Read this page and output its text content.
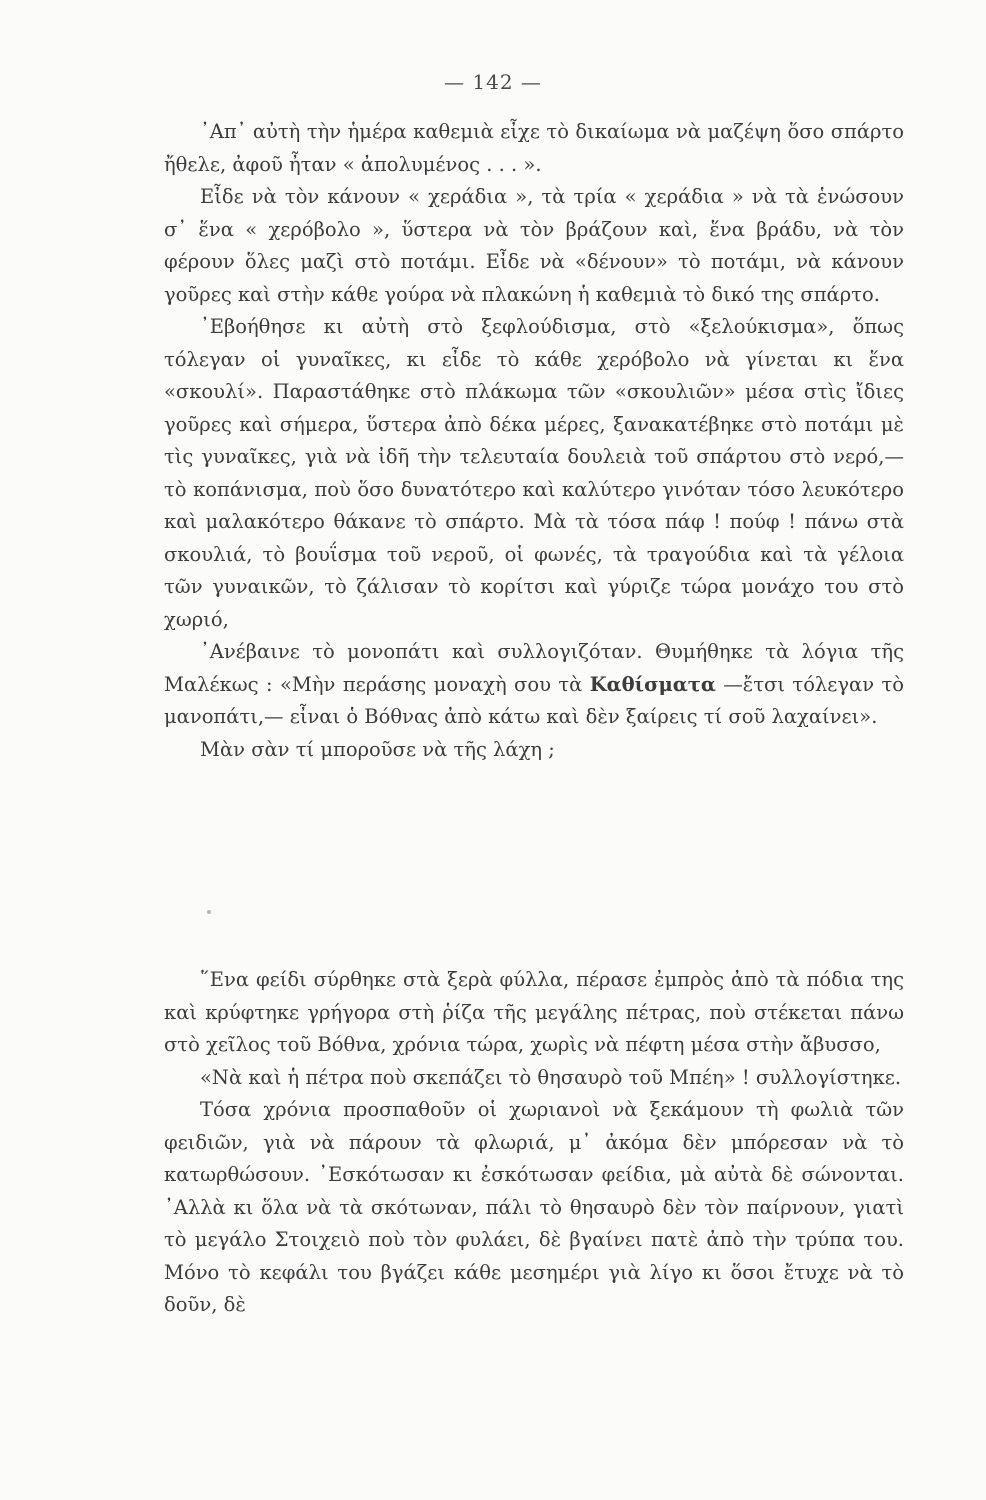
— 142 —

᾽Απ᾽ αὐτὴ τὴν ἡμέρα καθεμιὰ εἶχε τὸ δικαίωμα νὰ μαζέψη ὅσο σπάρτο ἤθελε, ἀφοῦ ἦταν « ἀπολυμένος . . . ».

Εἶδε νὰ τὸν κάνουν « χεράδια », τὰ τρία « χεράδια » νὰ τὰ ἑνώσουν σ᾽ ἕνα « χερόβολο », ὕστερα νὰ τὸν βράζουν καὶ, ἕνα βράδυ, νὰ τὸν φέρουν ὅλες μαζὶ στὸ ποτάμι. Εἶδε νὰ «δένουν» τὸ ποτάμι, νὰ κάνουν γοῦρες καὶ στὴν κάθε γούρα νὰ πλακώνη ἡ καθεμιὰ τὸ δικό της σπάρτο.

᾽Εβοήθησε κι αὐτὴ στὸ ξεφλούδισμα, στὸ «ξελούκισμα», ὅπως τόλεγαν οἱ γυναῖκες, κι εἶδε τὸ κάθε χερόβολο νὰ γίνεται κι ἕνα «σκουλί». Παραστάθηκε στὸ πλάκωμα τῶν «σκουλιῶν» μέσα στὶς ἴδιες γοῦρες καὶ σήμερα, ὕστερα ἀπὸ δέκα μέρες, ξανακατέβηκε στὸ ποτάμι μὲ τὶς γυναῖκες, γιὰ νὰ ἰδῆ τὴν τελευταία δουλειὰ τοῦ σπάρτου στὸ νερό,— τὸ κοπάνισμα, ποὺ ὅσο δυνατότερο καὶ καλύτερο γινόταν τόσο λευκότερο καὶ μαλακότερο θάκανε τὸ σπάρτο. Μὰ τὰ τόσα πάφ ! πούφ ! πάνω στὰ σκουλιά, τὸ βουΐσμα τοῦ νεροῦ, οἱ φωνές, τὰ τραγούδια καὶ τὰ γέλοια τῶν γυναικῶν, τὸ ζάλισαν τὸ κορίτσι καὶ γύριζε τώρα μονάχο του στὸ χωριό,

᾽Ανέβαινε τὸ μονοπάτι καὶ συλλογιζόταν. Θυμήθηκε τὰ λόγια τῆς Μαλέκως : «Μὴν περάσης μοναχὴ σου τὰ Καθίσματα —ἔτσι τόλεγαν τὸ μανοπάτι,— εἶναι ὁ Βόθνας ἀπὸ κάτω καὶ δὲν ξαίρεις τί σοῦ λαχαίνει».

Μὰν σὰν τί μποροῦσε νὰ τῆς λάχη ;

῞Ενα φείδι σύρθηκε στὰ ξερὰ φύλλα, πέρασε ἐμπρὸς ἀπὸ τὰ πόδια της καὶ κρύφτηκε γρήγορα στὴ ῥίζα τῆς μεγάλης πέτρας, ποὺ στέκεται πάνω στὸ χεῖλος τοῦ Βόθνα, χρόνια τώρα, χωρὶς νὰ πέφτη μέσα στὴν ἄβυσσο,

«Νὰ καὶ ἡ πέτρα ποὺ σκεπάζει τὸ θησαυρὸ τοῦ Μπέη» ! συλλογίστηκε.

Τόσα χρόνια προσπαθοῦν οἱ χωριανοὶ νὰ ξεκάμουν τὴ φωλιὰ τῶν φειδιῶν, γιὰ νὰ πάρουν τὰ φλωριά, μ᾽ ἀκόμα δὲν μπόρεσαν νὰ τὸ κατωρθώσουν. ᾽Εσκότωσαν κι ἐσκότωσαν φείδια, μὰ αὐτὰ δὲ σώνονται. ᾽Αλλὰ κι ὅλα νὰ τὰ σκότωναν, πάλι τὸ θησαυρὸ δὲν τὸν παίρνουν, γιατὶ τὸ μεγάλο Στοιχειὸ ποὺ τὸν φυλάει, δὲ βγαίνει πατὲ ἀπὸ τὴν τρύπα του. Μόνο τὸ κεφάλι του βγάζει κάθε μεσημέρι γιὰ λίγο κι ὅσοι ἔτυχε νὰ τὸ δοῦν, δὲ
